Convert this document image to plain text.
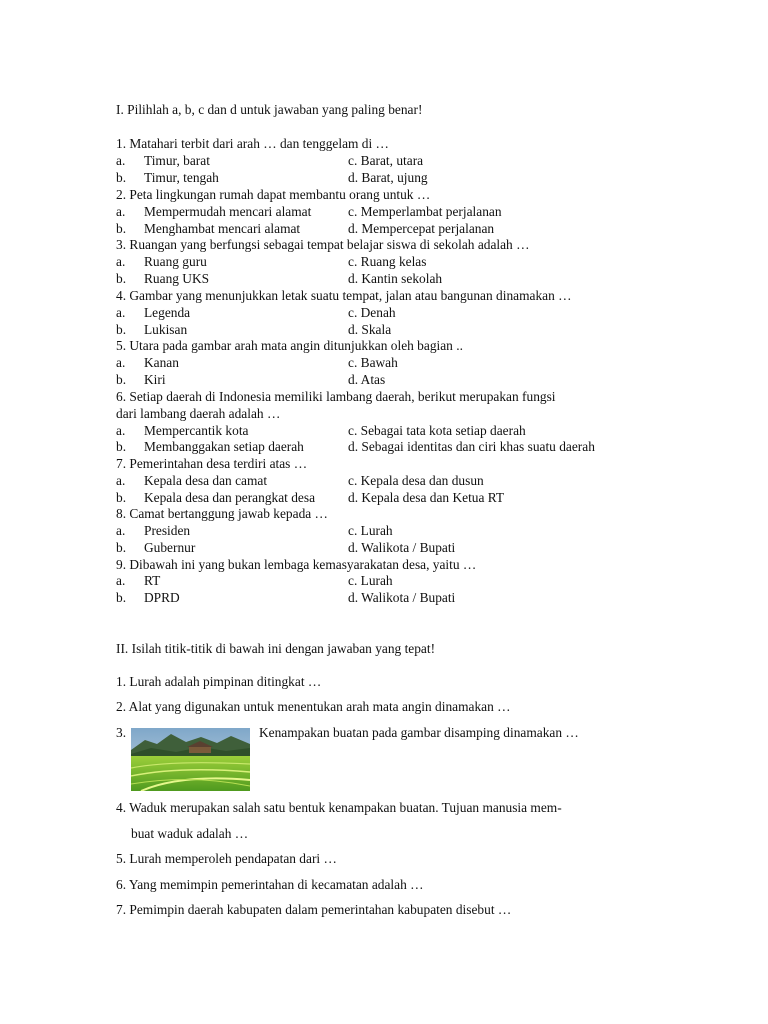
I. Pilihlah a, b, c dan d untuk jawaban yang paling benar!
1. Matahari terbit dari arah … dan tenggelam di …
a. Timur, barat	c. Barat, utara
b. Timur, tengah	d. Barat, ujung
2. Peta lingkungan rumah dapat membantu orang untuk …
a. Mempermudah mencari alamat	c. Memperlambat perjalanan
b. Menghambat mencari alamat	d. Mempercepat perjalanan
3. Ruangan yang berfungsi sebagai tempat belajar siswa di sekolah adalah …
a. Ruang guru	c. Ruang kelas
b. Ruang UKS	d. Kantin sekolah
4. Gambar yang menunjukkan letak suatu tempat, jalan atau bangunan dinamakan …
a. Legenda	c. Denah
b. Lukisan	d. Skala
5. Utara pada gambar arah mata angin ditunjukkan oleh bagian ..
a. Kanan	c. Bawah
b. Kiri	d. Atas
6. Setiap daerah di Indonesia memiliki lambang daerah, berikut merupakan fungsi
dari lambang daerah adalah …
a. Mempercantik kota	c. Sebagai tata kota setiap daerah
b. Membanggakan setiap daerah	d. Sebagai identitas dan ciri khas suatu daerah
7. Pemerintahan desa terdiri atas …
a. Kepala desa dan camat	c. Kepala desa dan dusun
b. Kepala desa dan perangkat desa d. Kepala desa dan Ketua RT
8. Camat bertanggung jawab kepada …
a. Presiden	c. Lurah
b. Gubernur	d. Walikota / Bupati
9. Dibawah ini yang bukan lembaga kemasyarakatan desa, yaitu …
a. RT	c. Lurah
b. DPRD	d. Walikota / Bupati
II. Isilah titik-titik di bawah ini dengan jawaban yang tepat!
1. Lurah adalah pimpinan ditingkat …
2. Alat yang digunakan untuk menentukan arah mata angin dinamakan …
3.	Kenampakan buatan pada gambar disamping dinamakan …
4. Waduk merupakan salah satu bentuk kenampakan buatan. Tujuan manusia mem-
buat waduk adalah …
5. Lurah memperoleh pendapatan dari …
6. Yang memimpin pemerintahan di kecamatan adalah …
7. Pemimpin daerah kabupaten dalam pemerintahan kabupaten disebut …
